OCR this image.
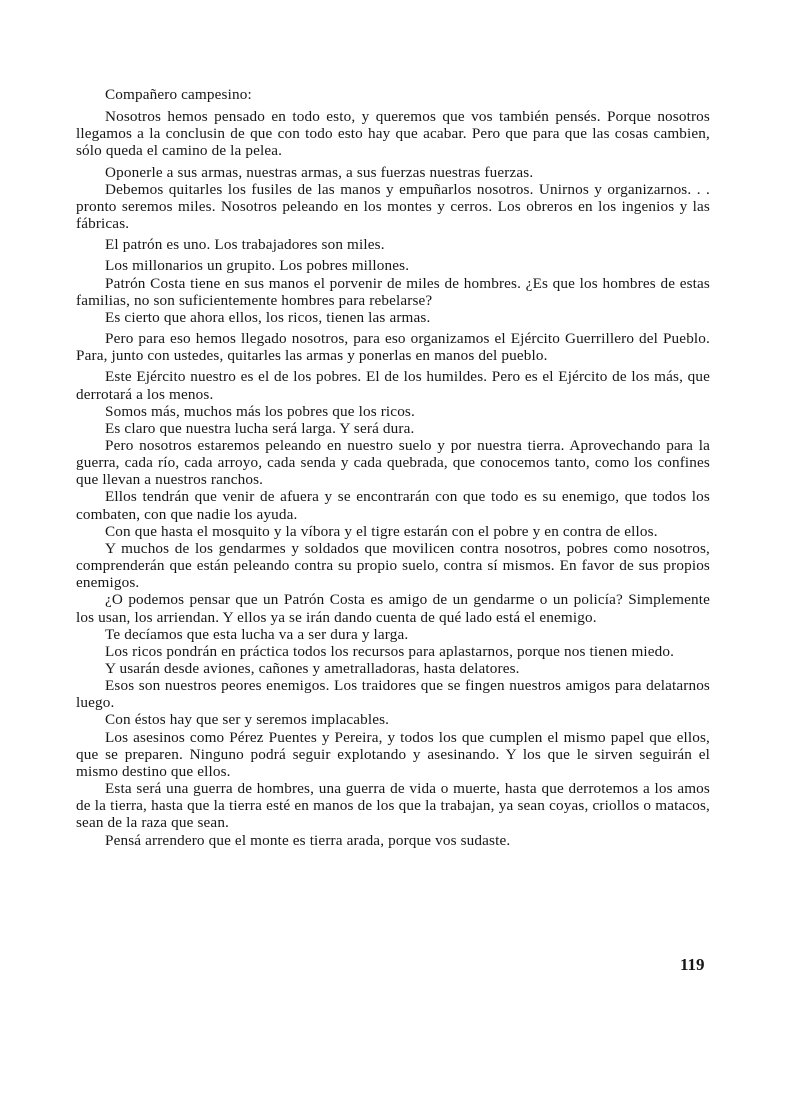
Compañero campesino:

Nosotros hemos pensado en todo esto, y queremos que vos también pensés. Porque nosotros llegamos a la conclusin de que con todo esto hay que acabar. Pero que para que las cosas cambien, sólo queda el camino de la pelea.

Oponerle a sus armas, nuestras armas, a sus fuerzas nuestras fuerzas.

Debemos quitarles los fusiles de las manos y empuñarlos nosotros. Unirnos y organizarnos. . . pronto seremos miles. Nosotros peleando en los montes y cerros. Los obreros en los ingenios y las fábricas.

El patrón es uno. Los trabajadores son miles.

Los millonarios un grupito. Los pobres millones.

Patrón Costa tiene en sus manos el porvenir de miles de hombres. ¿Es que los hombres de estas familias, no son suficientemente hombres para rebelarse?

Es cierto que ahora ellos, los ricos, tienen las armas.

Pero para eso hemos llegado nosotros, para eso organizamos el Ejército Guerrillero del Pueblo. Para, junto con ustedes, quitarles las armas y ponerlas en manos del pueblo.

Este Ejército nuestro es el de los pobres. El de los humildes. Pero es el Ejército de los más, que derrotará a los menos.

Somos más, muchos más los pobres que los ricos.

Es claro que nuestra lucha será larga. Y será dura.

Pero nosotros estaremos peleando en nuestro suelo y por nuestra tierra. Aprovechando para la guerra, cada río, cada arroyo, cada senda y cada quebrada, que conocemos tanto, como los confines que llevan a nuestros ranchos.

Ellos tendrán que venir de afuera y se encontrarán con que todo es su enemigo, que todos los combaten, con que nadie los ayuda.

Con que hasta el mosquito y la víbora y el tigre estarán con el pobre y en contra de ellos.

Y muchos de los gendarmes y soldados que movilicen contra nosotros, pobres como nosotros, comprenderán que están peleando contra su propio suelo, contra sí mismos. En favor de sus propios enemigos.

¿O podemos pensar que un Patrón Costa es amigo de un gendarme o un policía? Simplemente los usan, los arriendan. Y ellos ya se irán dando cuenta de qué lado está el enemigo.

Te decíamos que esta lucha va a ser dura y larga.

Los ricos pondrán en práctica todos los recursos para aplastarnos, porque nos tienen miedo.

Y usarán desde aviones, cañones y ametralladoras, hasta delatores.

Esos son nuestros peores enemigos. Los traidores que se fingen nuestros amigos para delatarnos luego.

Con éstos hay que ser y seremos implacables.

Los asesinos como Pérez Puentes y Pereira, y todos los que cumplen el mismo papel que ellos, que se preparen. Ninguno podrá seguir explotando y asesinando. Y los que le sirven seguirán el mismo destino que ellos.

Esta será una guerra de hombres, una guerra de vida o muerte, hasta que derrotemos a los amos de la tierra, hasta que la tierra esté en manos de los que la trabajan, ya sean coyas, criollos o matacos, sean de la raza que sean.

Pensá arrendero que el monte es tierra arada, porque vos sudaste.

119
